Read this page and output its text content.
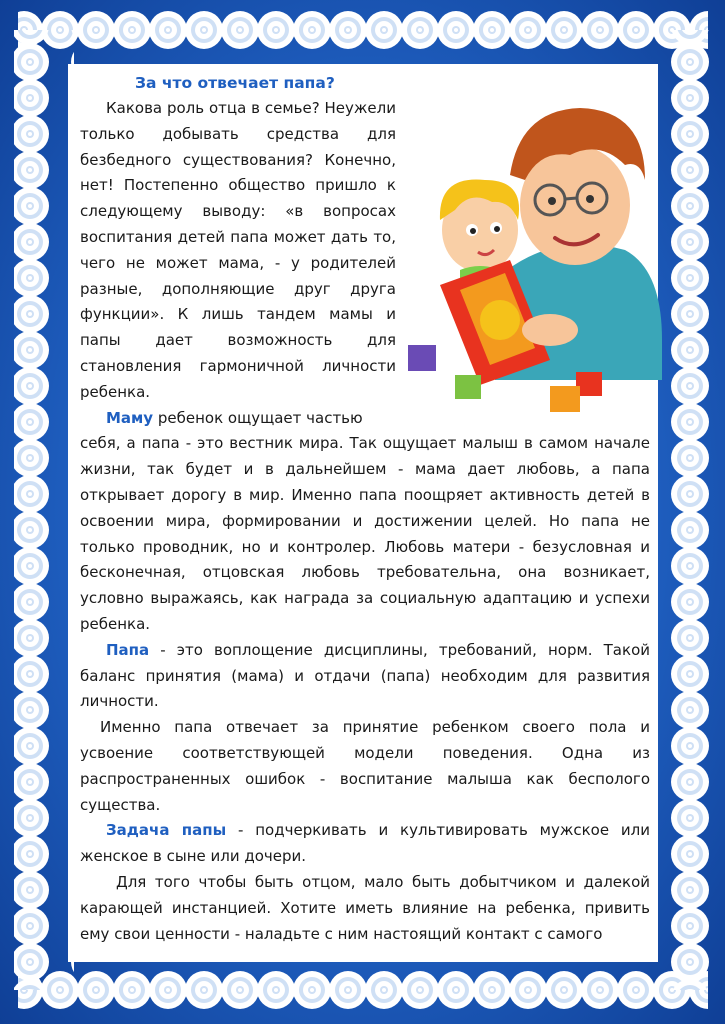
За что отвечает папа?

Какова роль отца в семье? Неужели только добывать средства для безбедного существования? Конечно, нет! Постепенно общество пришло к следующему выводу: «в вопросах воспитания детей папа может дать то, чего не может мама, - у родителей разные, дополняющие друг друга функции». К лишь тандем мамы и папы дает возможность для становления гармоничной личности ребенка.

Маму ребенок ощущает частью

себя, а папа - это вестник мира. Так ощущает малыш в самом начале жизни, так будет и в дальнейшем - мама дает любовь, а папа открывает дорогу в мир. Именно папа поощряет активность детей в освоении мира, формировании и достижении целей. Но папа не только проводник, но и контролер. Любовь матери - безусловная и бесконечная, отцовская любовь требовательна, она возникает, условно выражаясь, как награда за социальную адаптацию и успехи ребенка.

Папа - это воплощение дисциплины, требований, норм. Такой баланс принятия (мама) и отдачи (папа) необходим для развития личности.

Именно папа отвечает за принятие ребенком своего пола и усвоение соответствующей модели поведения. Одна из распространенных ошибок - воспитание малыша как бесполого существа.

Задача папы - подчеркивать и культивировать мужское или женское в сыне или дочери.

Для того чтобы быть отцом, мало быть добытчиком и далекой карающей инстанцией. Хотите иметь влияние на ребенка, привить ему свои ценности - наладьте с ним настоящий контакт с самого
